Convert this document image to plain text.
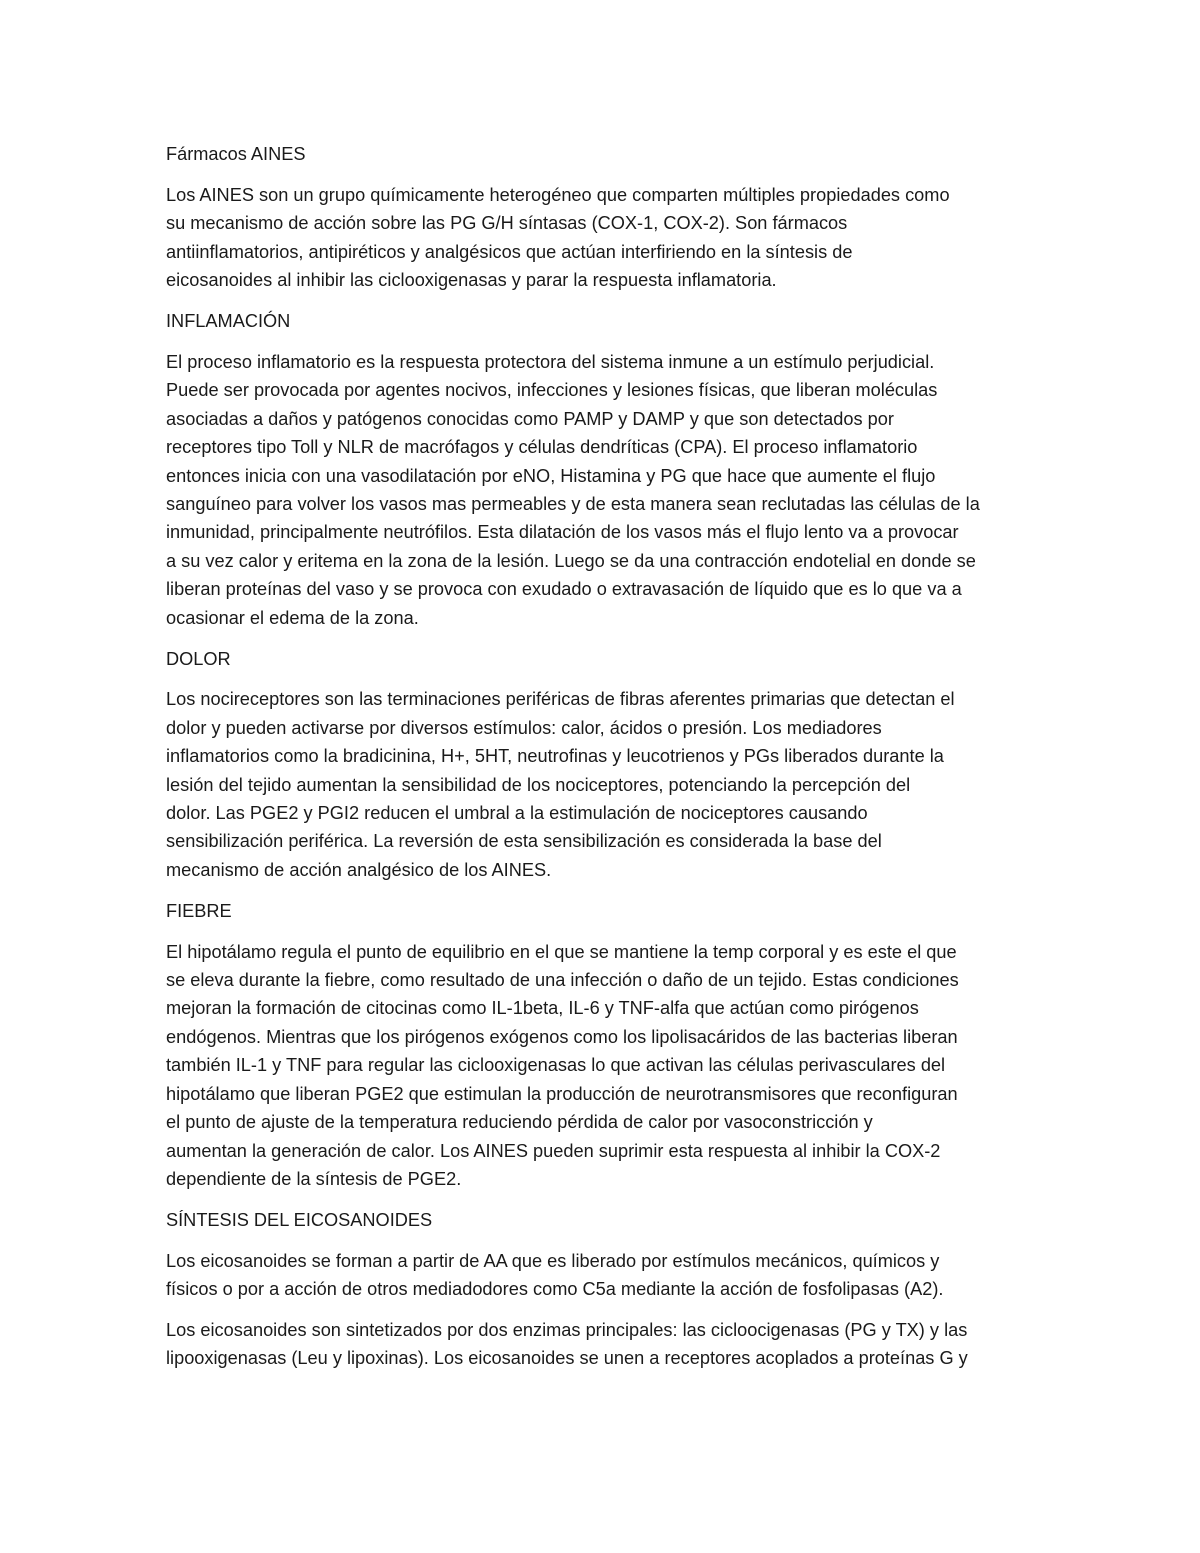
Fármacos AINES

Los AINES son un grupo químicamente heterogéneo que comparten múltiples propiedades como
su mecanismo de acción sobre las PG G/H síntasas (COX-1, COX-2). Son fármacos
antiinflamatorios, antipiréticos y analgésicos que actúan interfiriendo en la síntesis de
eicosanoides al inhibir las ciclooxigenasas y parar la respuesta inflamatoria.

INFLAMACIÓN

El proceso inflamatorio es la respuesta protectora del sistema inmune a un estímulo perjudicial.
Puede ser provocada por agentes nocivos, infecciones y lesiones físicas, que liberan moléculas
asociadas a daños y patógenos conocidas como PAMP y DAMP y que son detectados por
receptores tipo Toll y NLR de macrófagos y células dendríticas (CPA). El proceso inflamatorio
entonces inicia con una vasodilatación por eNO, Histamina y PG que hace que aumente el flujo
sanguíneo para volver los vasos mas permeables y de esta manera sean reclutadas las células de la
inmunidad, principalmente neutrófilos. Esta dilatación de los vasos más el flujo lento va a provocar
a su vez calor y eritema en la zona de la lesión. Luego se da una contracción endotelial en donde se
liberan proteínas del vaso y se provoca con exudado o extravasación de líquido que es lo que va a
ocasionar el edema de la zona.

DOLOR

Los nocireceptores son las terminaciones periféricas de fibras aferentes primarias que detectan el
dolor y pueden activarse por diversos estímulos: calor, ácidos o presión. Los mediadores
inflamatorios como la bradicinina, H+, 5HT, neutrofinas y leucotrienos y PGs liberados durante la
lesión del tejido aumentan la sensibilidad de los nociceptores, potenciando la percepción del
dolor. Las PGE2 y PGI2 reducen el umbral a la estimulación de nociceptores causando
sensibilización periférica. La reversión de esta sensibilización es considerada la base del
mecanismo de acción analgésico de los AINES.

FIEBRE

El hipotálamo regula el punto de equilibrio en el que se mantiene la temp corporal y es este el que
se eleva durante la fiebre, como resultado de una infección o daño de un tejido. Estas condiciones
mejoran la formación de citocinas como IL-1beta, IL-6 y TNF-alfa que actúan como pirógenos
endógenos. Mientras que los pirógenos exógenos como los lipolisacáridos de las bacterias liberan
también IL-1 y TNF para regular las ciclooxigenasas lo que activan las células perivasculares del
hipotálamo que liberan PGE2 que estimulan la producción de neurotransmisores que reconfiguran
el punto de ajuste de la temperatura reduciendo pérdida de calor por vasoconstricción y
aumentan la generación de calor. Los AINES pueden suprimir esta respuesta al inhibir la COX-2
dependiente de la síntesis de PGE2.

SÍNTESIS DEL EICOSANOIDES

Los eicosanoides se forman a partir de AA que es liberado por estímulos mecánicos, químicos y
físicos o por a acción de otros mediadodores como C5a mediante la acción de fosfolipasas (A2).

Los eicosanoides son sintetizados por dos enzimas principales: las cicloocigenasas (PG y TX) y las
lipooxigenasas (Leu y lipoxinas). Los eicosanoides se unen a receptores acoplados a proteínas G y
